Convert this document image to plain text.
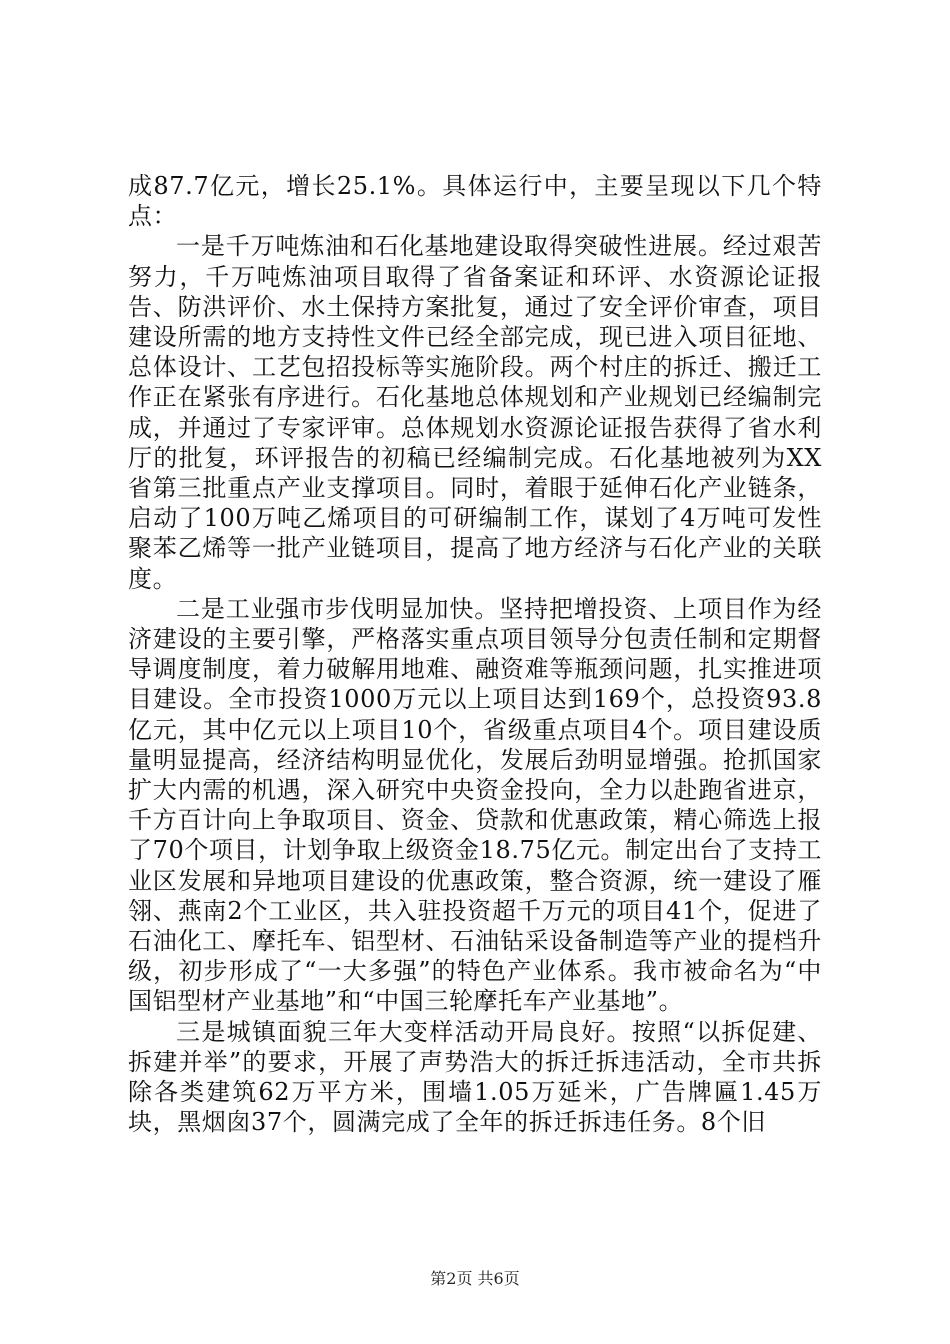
成87.7亿元，增长25.1%。具体运行中，主要呈现以下几个特点：

一是千万吨炼油和石化基地建设取得突破性进展。经过艰苦努力，千万吨炼油项目取得了省备案证和环评、水资源论证报告、防洪评价、水土保持方案批复，通过了安全评价审查，项目建设所需的地方支持性文件已经全部完成，现已进入项目征地、总体设计、工艺包招投标等实施阶段。两个村庄的拆迁、搬迁工作正在紧张有序进行。石化基地总体规划和产业规划已经编制完成，并通过了专家评审。总体规划水资源论证报告获得了省水利厅的批复，环评报告的初稿已经编制完成。石化基地被列为XX省第三批重点产业支撑项目。同时，着眼于延伸石化产业链条，启动了100万吨乙烯项目的可研编制工作，谋划了4万吨可发性聚苯乙烯等一批产业链项目，提高了地方经济与石化产业的关联度。

二是工业强市步伐明显加快。坚持把增投资、上项目作为经济建设的主要引擎，严格落实重点项目领导分包责任制和定期督导调度制度，着力破解用地难、融资难等瓶颈问题，扎实推进项目建设。全市投资1000万元以上项目达到169个，总投资93.8亿元，其中亿元以上项目10个，省级重点项目4个。项目建设质量明显提高，经济结构明显优化，发展后劲明显增强。抢抓国家扩大内需的机遇，深入研究中央资金投向，全力以赴跑省进京，千方百计向上争取项目、资金、贷款和优惠政策，精心筛选上报了70个项目，计划争取上级资金18.75亿元。制定出台了支持工业区发展和异地项目建设的优惠政策，整合资源，统一建设了雁翎、燕南2个工业区，共入驻投资超千万元的项目41个，促进了石油化工、摩托车、铝型材、石油钻采设备制造等产业的提档升级，初步形成了“一大多强”的特色产业体系。我市被命名为“中国铝型材产业基地”和“中国三轮摩托车产业基地”。

三是城镇面貌三年大变样活动开局良好。按照“以拆促建、拆建并举”的要求，开展了声势浩大的拆迁拆违活动，全市共拆除各类建筑62万平方米，围墙1.05万延米，广告牌匾1.45万块，黑烟囱37个，圆满完成了全年的拆迁拆违任务。8个旧

第2页 共6页
